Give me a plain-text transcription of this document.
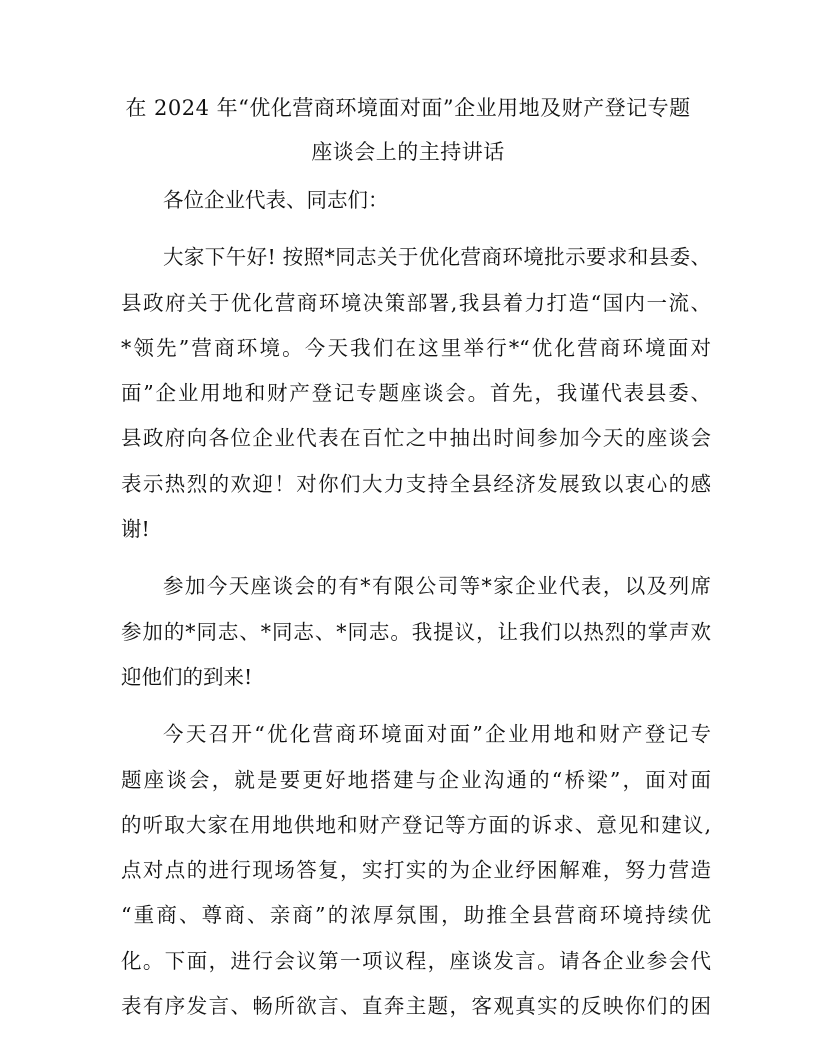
在 2024 年“优化营商环境面对面”企业用地及财产登记专题
座谈会上的主持讲话

各位企业代表、同志们：

大家下午好! 按照*同志关于优化营商环境批示要求和县委、
县政府关于优化营商环境决策部署,我县着力打造“国内一流、
*领先”营商环境。今天我们在这里举行*“优化营商环境面对
面”企业用地和财产登记专题座谈会。首先，我谨代表县委、
县政府向各位企业代表在百忙之中抽出时间参加今天的座谈会
表示热烈的欢迎！对你们大力支持全县经济发展致以衷心的感
谢!

参加今天座谈会的有*有限公司等*家企业代表，以及列席
参加的*同志、*同志、*同志。我提议，让我们以热烈的掌声欢
迎他们的到来!

今天召开“优化营商环境面对面”企业用地和财产登记专
题座谈会，就是要更好地搭建与企业沟通的“桥梁”，面对面
的听取大家在用地供地和财产登记等方面的诉求、意见和建议,
点对点的进行现场答复，实打实的为企业纾困解难，努力营造
“重商、尊商、亲商”的浓厚氛围，助推全县营商环境持续优
化。下面，进行会议第一项议程，座谈发言。请各企业参会代
表有序发言、畅所欲言、直奔主题，客观真实的反映你们的困
